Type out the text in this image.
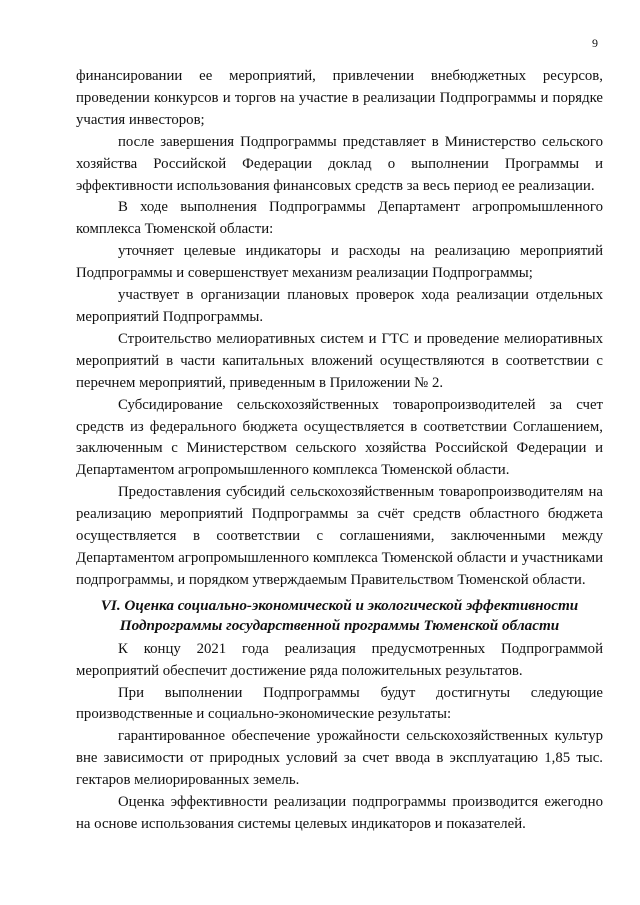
9

финансировании ее мероприятий, привлечении внебюджетных ресурсов, проведении конкурсов и торгов на участие в реализации Подпрограммы и порядке участия инвесторов;

после завершения Подпрограммы представляет в Министерство сельского хозяйства Российской Федерации доклад о выполнении Программы и эффективности использования финансовых средств за весь период ее реализации.

В ходе выполнения Подпрограммы Департамент агропромышленного комплекса Тюменской области:

уточняет целевые индикаторы и расходы на реализацию мероприятий Подпрограммы и совершенствует механизм реализации Подпрограммы;

участвует в организации плановых проверок хода реализации отдельных мероприятий Подпрограммы.

Строительство мелиоративных систем и ГТС и проведение мелиоративных мероприятий в части капитальных вложений осуществляются в соответствии с перечнем мероприятий, приведенным в Приложении № 2.

Субсидирование сельскохозяйственных товаропроизводителей за счет средств из федерального бюджета осуществляется в соответствии Соглашением, заключенным с Министерством сельского хозяйства Российской Федерации и Департаментом агропромышленного комплекса Тюменской области.

Предоставления субсидий сельскохозяйственным товаропроизводителям на реализацию мероприятий Подпрограммы за счёт средств областного бюджета осуществляется в соответствии с соглашениями, заключенными между Департаментом агропромышленного комплекса Тюменской области и участниками подпрограммы, и порядком утверждаемым Правительством Тюменской области.

VI. Оценка социально-экономической и экологической эффективности
Подпрограммы государственной программы Тюменской области

К концу 2021 года реализация предусмотренных Подпрограммой мероприятий обеспечит достижение ряда положительных результатов.

При выполнении Подпрограммы будут достигнуты следующие производственные и социально-экономические результаты:

гарантированное обеспечение урожайности сельскохозяйственных культур вне зависимости от природных условий за счет ввода в эксплуатацию 1,85 тыс. гектаров мелиорированных земель.

Оценка эффективности реализации подпрограммы производится ежегодно на основе использования системы целевых индикаторов и показателей.
